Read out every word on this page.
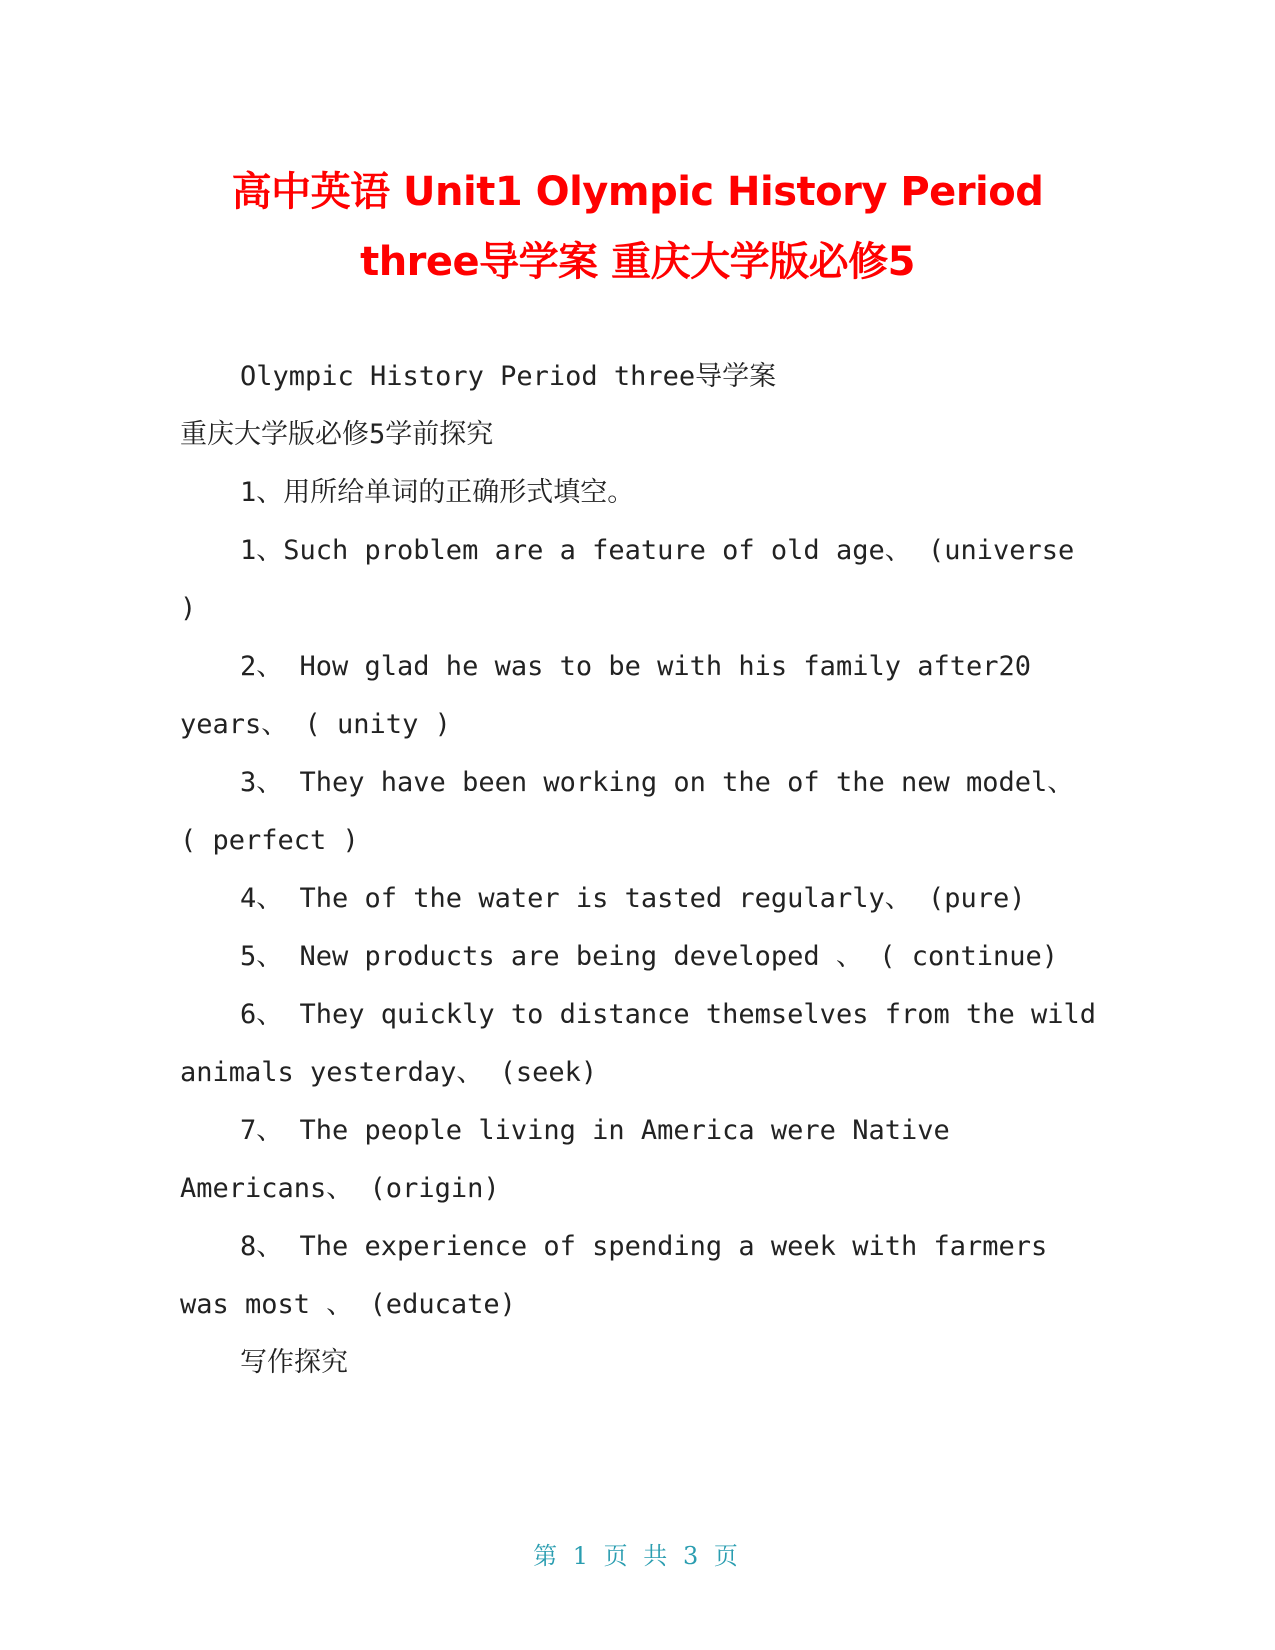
高中英语 Unit1 Olympic History Period
three导学案 重庆大学版必修5
Olympic History Period three导学案
重庆大学版必修5学前探究
1、用所给单词的正确形式填空。
1、Such problem are a feature of old age、 (universe
)
2、 How glad he was to be with his family after20
years、 ( unity )
3、 They have been working on the of the new model、
( perfect )
4、 The of the water is tasted regularly、 (pure)
5、 New products are being developed 、 ( continue)
6、 They quickly to distance themselves from the wild
animals yesterday、 (seek)
7、 The people living in America were Native
Americans、 (origin)
8、 The experience of spending a week with farmers
was most 、 (educate)
写作探究
第 1 页 共 3 页
